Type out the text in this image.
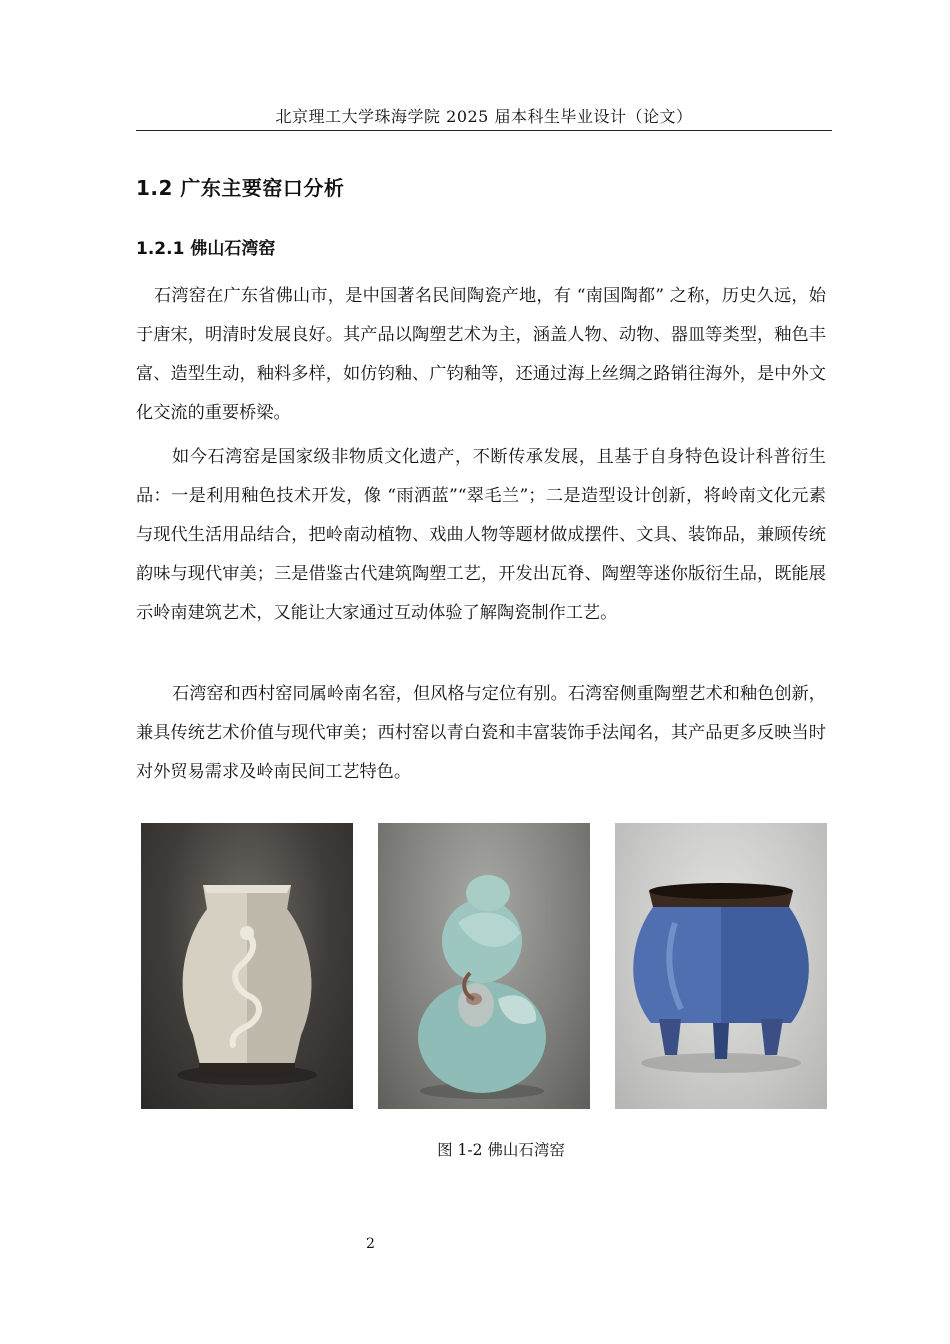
北京理工大学珠海学院 2025 届本科生毕业设计（论文）
1.2 广东主要窑口分析
1.2.1 佛山石湾窑

石湾窑在广东省佛山市，是中国著名民间陶瓷产地，有 “南国陶都” 之称，历史久远，始于唐宋，明清时发展良好。其产品以陶塑艺术为主，涵盖人物、动物、器皿等类型，釉色丰富、造型生动，釉料多样，如仿钧釉、广钧釉等，还通过海上丝绸之路销往海外，是中外文化交流的重要桥梁。

如今石湾窑是国家级非物质文化遗产，不断传承发展，且基于自身特色设计科普衍生品：一是利用釉色技术开发，像 “雨洒蓝”“翠毛兰”；二是造型设计创新，将岭南文化元素与现代生活用品结合，把岭南动植物、戏曲人物等题材做成摆件、文具、装饰品，兼顾传统韵味与现代审美；三是借鉴古代建筑陶塑工艺，开发出瓦脊、陶塑等迷你版衍生品，既能展示岭南建筑艺术，又能让大家通过互动体验了解陶瓷制作工艺。

石湾窑和西村窑同属岭南名窑，但风格与定位有别。石湾窑侧重陶塑艺术和釉色创新，兼具传统艺术价值与现代审美；西村窑以青白瓷和丰富装饰手法闻名，其产品更多反映当时对外贸易需求及岭南民间工艺特色。

图 1-2 佛山石湾窑
2
